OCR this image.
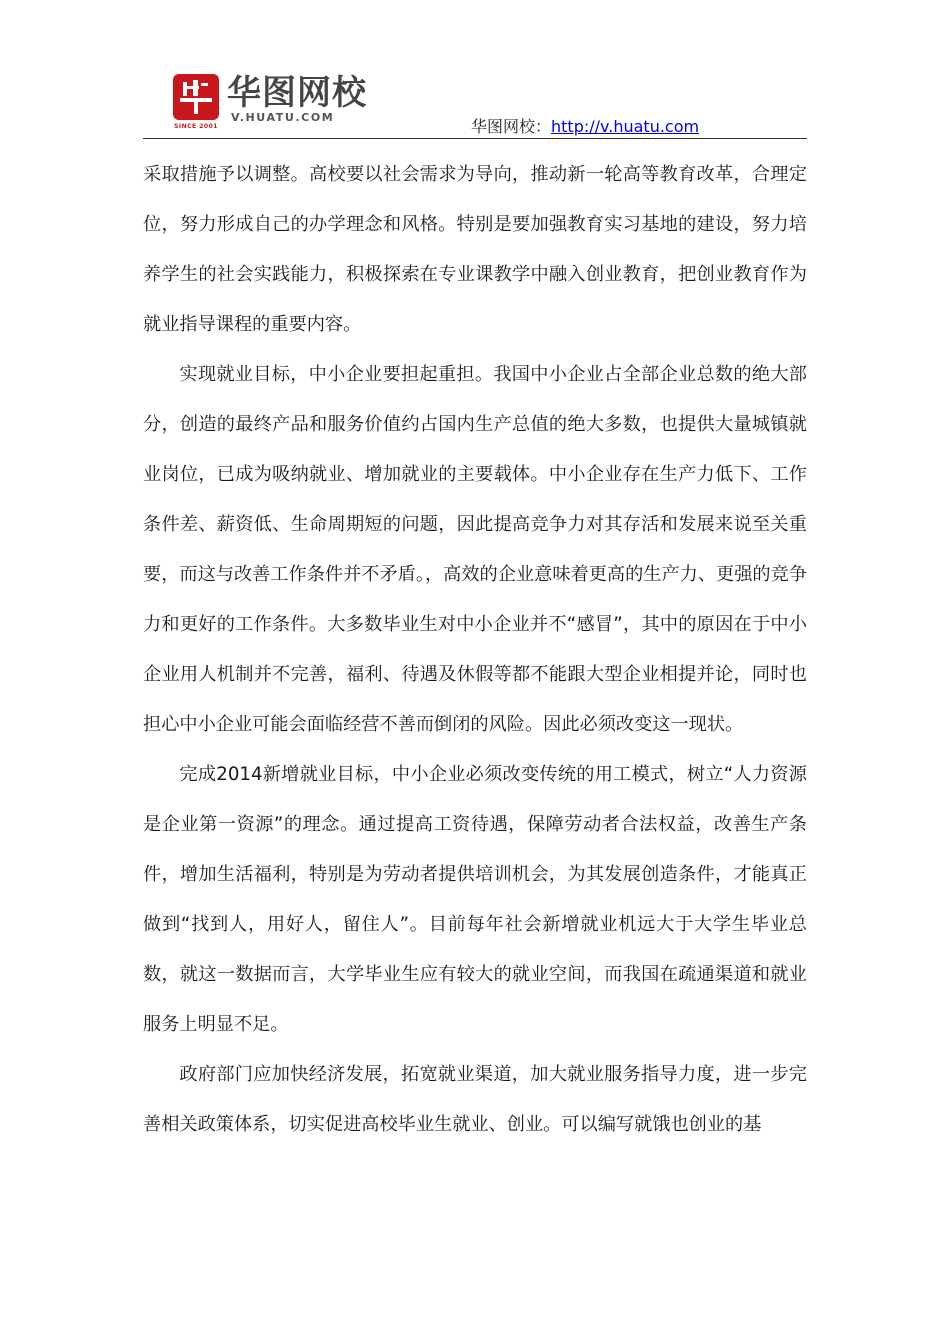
SINCE 2001
华图网校
V.HUATU.COM	华图网校：http://v.huatu.com

采取措施予以调整。高校要以社会需求为导向，推动新一轮高等教育改革，合理定位，努力形成自己的办学理念和风格。特别是要加强教育实习基地的建设，努力培养学生的社会实践能力，积极探索在专业课教学中融入创业教育，把创业教育作为就业指导课程的重要内容。

实现就业目标，中小企业要担起重担。我国中小企业占全部企业总数的绝大部分，创造的最终产品和服务价值约占国内生产总值的绝大多数，也提供大量城镇就业岗位，已成为吸纳就业、增加就业的主要载体。中小企业存在生产力低下、工作条件差、薪资低、生命周期短的问题，因此提高竞争力对其存活和发展来说至关重要，而这与改善工作条件并不矛盾。，高效的企业意味着更高的生产力、更强的竞争力和更好的工作条件。大多数毕业生对中小企业并不“感冒”，其中的原因在于中小企业用人机制并不完善，福利、待遇及休假等都不能跟大型企业相提并论，同时也担心中小企业可能会面临经营不善而倒闭的风险。因此必须改变这一现状。

完成2014新增就业目标，中小企业必须改变传统的用工模式，树立“人力资源是企业第一资源”的理念。通过提高工资待遇，保障劳动者合法权益，改善生产条件，增加生活福利，特别是为劳动者提供培训机会，为其发展创造条件，才能真正做到“找到人，用好人，留住人”。目前每年社会新增就业机远大于大学生毕业总数，就这一数据而言，大学毕业生应有较大的就业空间，而我国在疏通渠道和就业服务上明显不足。

政府部门应加快经济发展，拓宽就业渠道，加大就业服务指导力度，进一步完善相关政策体系，切实促进高校毕业生就业、创业。可以编写就饿也创业的基
